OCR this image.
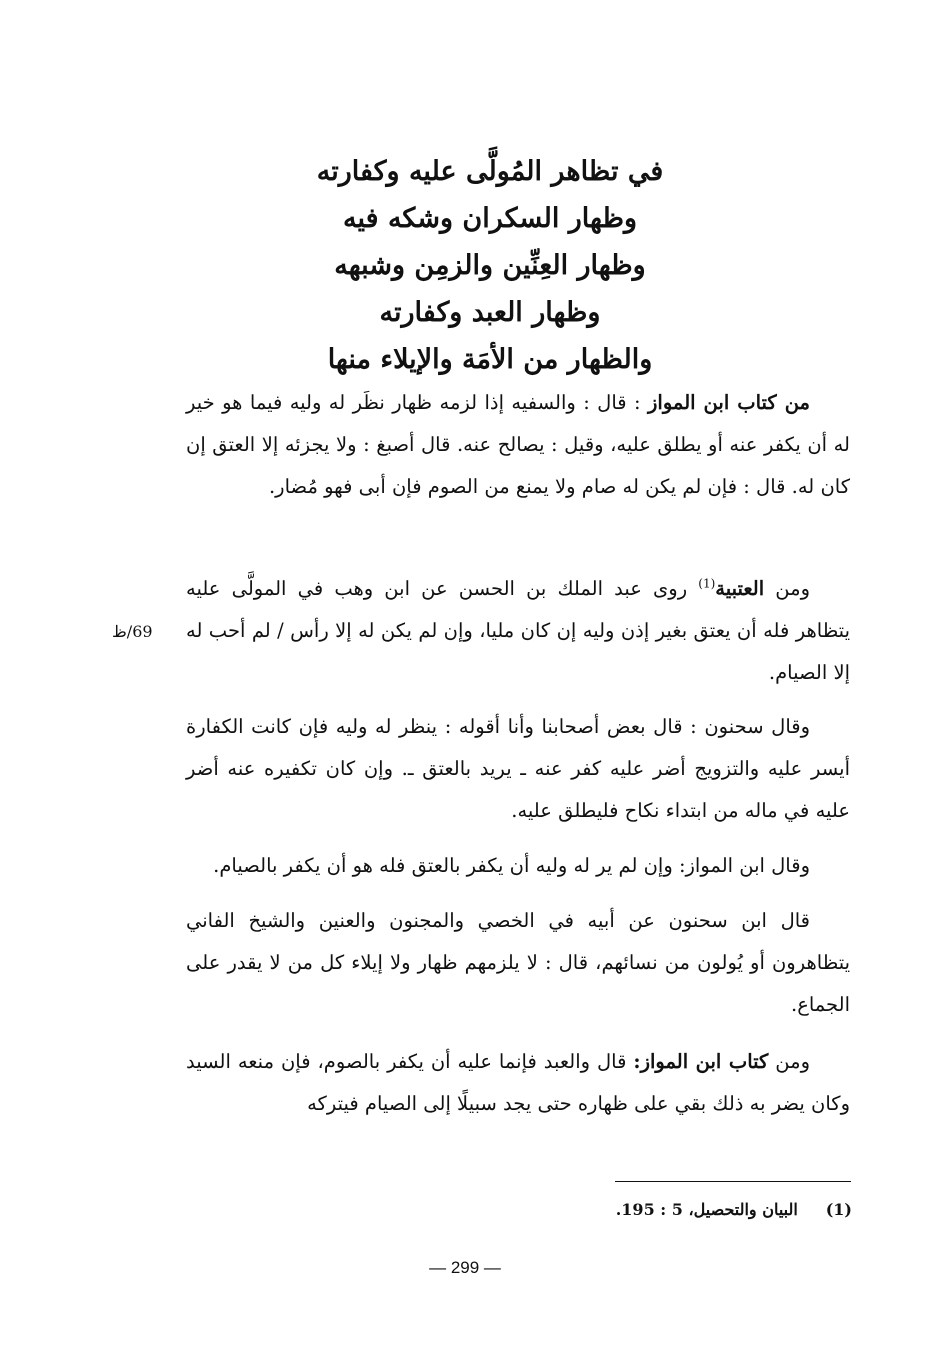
في تظاهر المُولَّى عليه وكفارته
وظهار السكران وشكه فيه
وظهار العِنِّين والزمِن وشبهه
وظهار العبد وكفارته
والظهار من الأمَة والإيلاء منها

من كتاب ابن المواز : قال : والسفيه إذا لزمه ظهار نظَر له وليه فيما هو خير له أن يكفر عنه أو يطلق عليه، وقيل : يصالح عنه. قال أصبغ : ولا يجزئه إلا العتق إن كان له. قال : فإن لم يكن له صام ولا يمنع من الصوم فإن أبى فهو مُضار.

ومن العتبية$^{(1)}$ روى عبد الملك بن الحسن عن ابن وهب في المولَّى عليه يتظاهر فله أن يعتق بغير إذن وليه إن كان مليا، وإن لم يكن له إلا رأس / لم أحب له إلا الصيام.

69/ظ

وقال سحنون : قال بعض أصحابنا وأنا أقوله : ينظر له وليه فإن كانت الكفارة أيسر عليه والتزويج أضر عليه كفر عنه ـ يريد بالعتق ـ. وإن كان تكفيره عنه أضر عليه في ماله من ابتداء نكاح فليطلق عليه.

وقال ابن المواز: وإن لم ير له وليه أن يكفر بالعتق فله هو أن يكفر بالصيام.

قال ابن سحنون عن أبيه في الخصي والمجنون والعنين والشيخ الفاني يتظاهرون أو يُولون من نسائهم، قال : لا يلزمهم ظهار ولا إيلاء كل من لا يقدر على الجماع.

ومن كتاب ابن المواز: قال والعبد فإنما عليه أن يكفر بالصوم، فإن منعه السيد وكان يضر به ذلك بقي على ظهاره حتى يجد سبيلًا إلى الصيام فيتركه

(1)     البيان والتحصيل، 5 : 195.
— 299 —
